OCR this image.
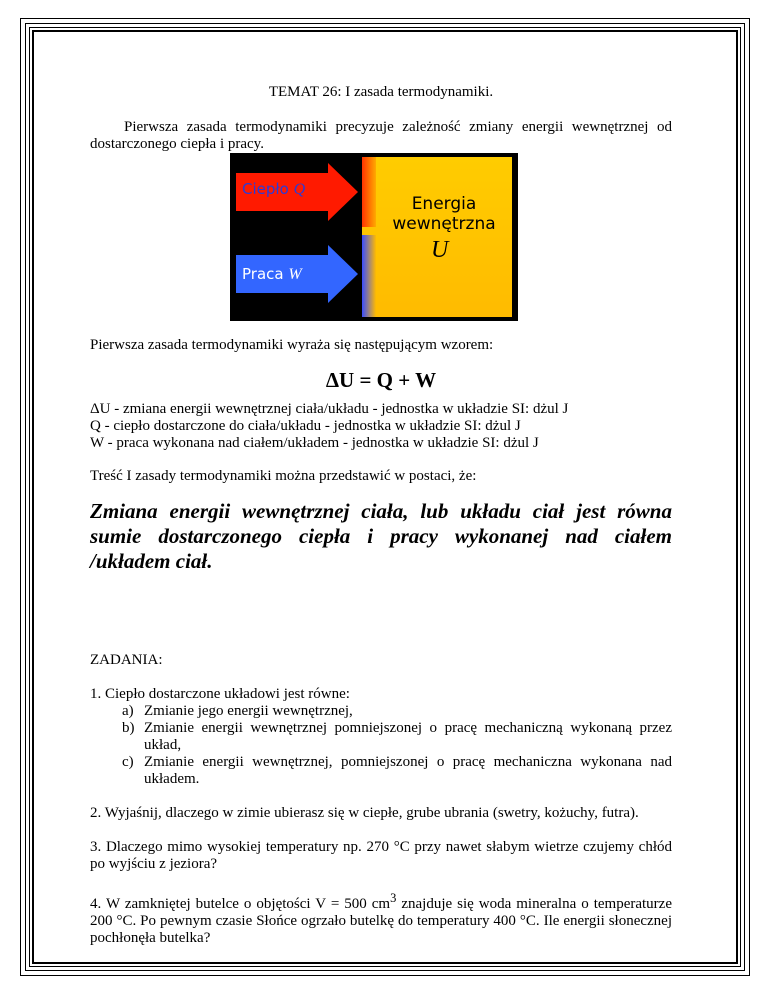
TEMAT 26: I zasada termodynamiki.

Pierwsza zasada termodynamiki precyzuje zależność zmiany energii wewnętrznej od dostarczonego ciepła i pracy.

Ciepło Q
Praca W
Energia
wewnętrzna
U

Pierwsza zasada termodynamiki wyraża się następującym wzorem:

ΔU = Q + W

ΔU - zmiana energii wewnętrznej ciała/układu - jednostka w układzie SI: dżul J

Q - ciepło dostarczone do ciała/układu - jednostka w układzie SI: dżul J

W - praca wykonana nad ciałem/układem - jednostka w układzie SI: dżul J

Treść I zasady termodynamiki można przedstawić w postaci, że:

Zmiana energii wewnętrznej ciała, lub układu ciał jest równa sumie dostarczonego ciepła i pracy wykonanej nad ciałem /układem ciał.

ZADANIA:

1. Ciepło dostarczone układowi jest równe:

a) Zmianie jego energii wewnętrznej,
b) Zmianie energii wewnętrznej pomniejszonej o pracę mechaniczną wykonaną przez układ,
c) Zmianie energii wewnętrznej, pomniejszonej o pracę mechaniczna wykonana nad układem.

2. Wyjaśnij, dlaczego w zimie ubierasz się w ciepłe, grube ubrania (swetry, kożuchy, futra).

3. Dlaczego mimo wysokiej temperatury np. 270 °C przy nawet słabym wietrze czujemy chłód po wyjściu z jeziora?

4. W zamkniętej butelce o objętości V = 500 $cm^3$ znajduje się woda mineralna o temperaturze 200 °C. Po pewnym czasie Słońce ogrzało butelkę do temperatury 400 °C. Ile energii słonecznej pochłonęła butelka?
